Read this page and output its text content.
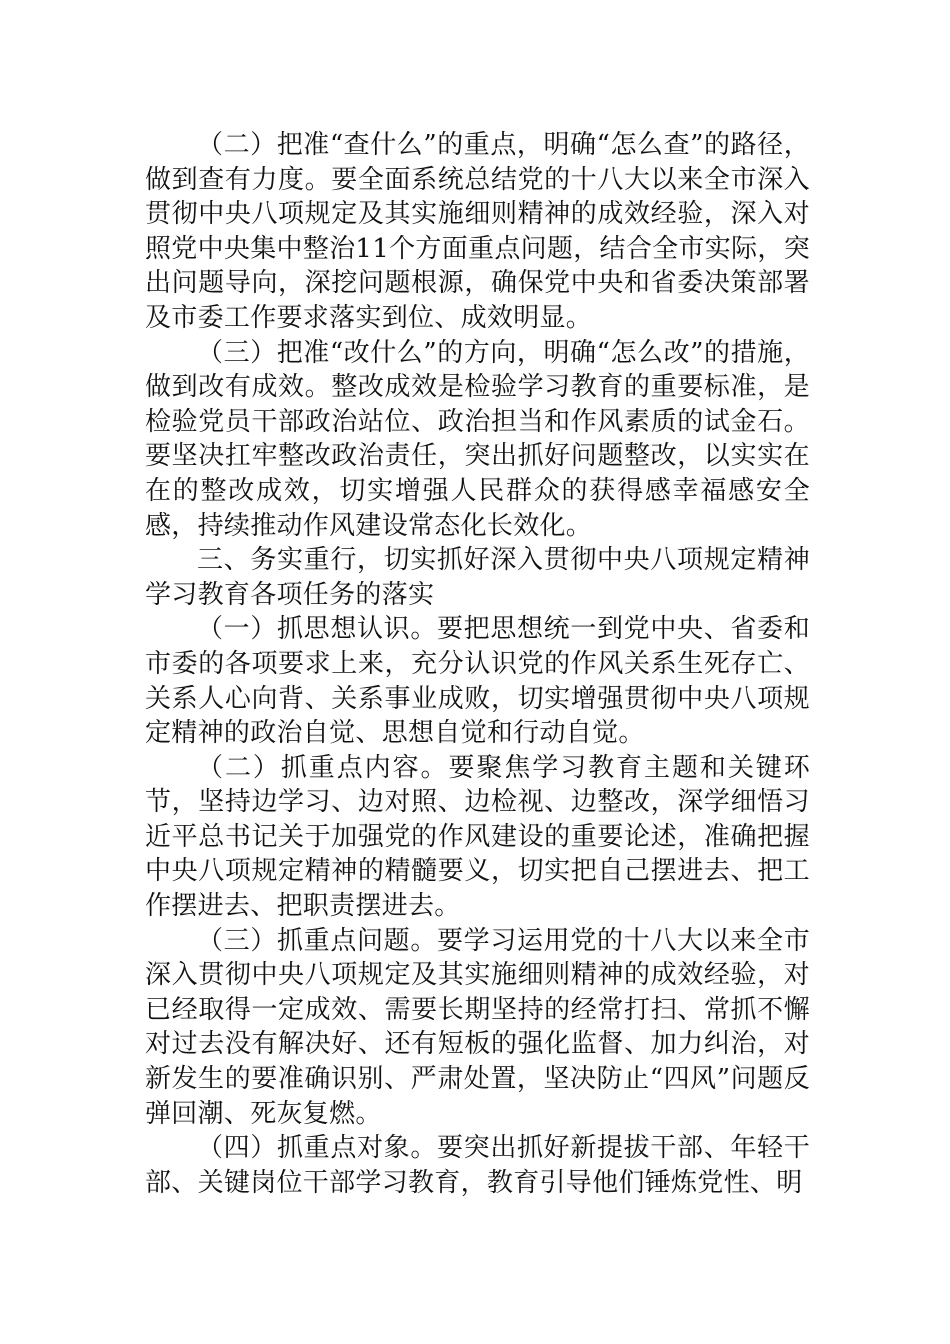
（二）把准“查什么”的重点，明确“怎么查”的路径，做到查有力度。要全面系统总结党的十八大以来全市深入贯彻中央八项规定及其实施细则精神的成效经验，深入对照党中央集中整治11个方面重点问题，结合全市实际，突出问题导向，深挖问题根源，确保党中央和省委决策部署及市委工作要求落实到位、成效明显。

（三）把准“改什么”的方向，明确“怎么改”的措施，做到改有成效。整改成效是检验学习教育的重要标准，是检验党员干部政治站位、政治担当和作风素质的试金石。要坚决扛牢整改政治责任，突出抓好问题整改，以实实在在的整改成效，切实增强人民群众的获得感幸福感安全感，持续推动作风建设常态化长效化。

三、务实重行，切实抓好深入贯彻中央八项规定精神学习教育各项任务的落实

（一）抓思想认识。要把思想统一到党中央、省委和市委的各项要求上来，充分认识党的作风关系生死存亡、关系人心向背、关系事业成败，切实增强贯彻中央八项规定精神的政治自觉、思想自觉和行动自觉。

（二）抓重点内容。要聚焦学习教育主题和关键环节，坚持边学习、边对照、边检视、边整改，深学细悟习近平总书记关于加强党的作风建设的重要论述，准确把握中央八项规定精神的精髓要义，切实把自己摆进去、把工作摆进去、把职责摆进去。

（三）抓重点问题。要学习运用党的十八大以来全市深入贯彻中央八项规定及其实施细则精神的成效经验，对已经取得一定成效、需要长期坚持的经常打扫、常抓不懈对过去没有解决好、还有短板的强化监督、加力纠治，对新发生的要准确识别、严肃处置，坚决防止“四风”问题反弹回潮、死灰复燃。

（四）抓重点对象。要突出抓好新提拔干部、年轻干部、关键岗位干部学习教育，教育引导他们锤炼党性、明
